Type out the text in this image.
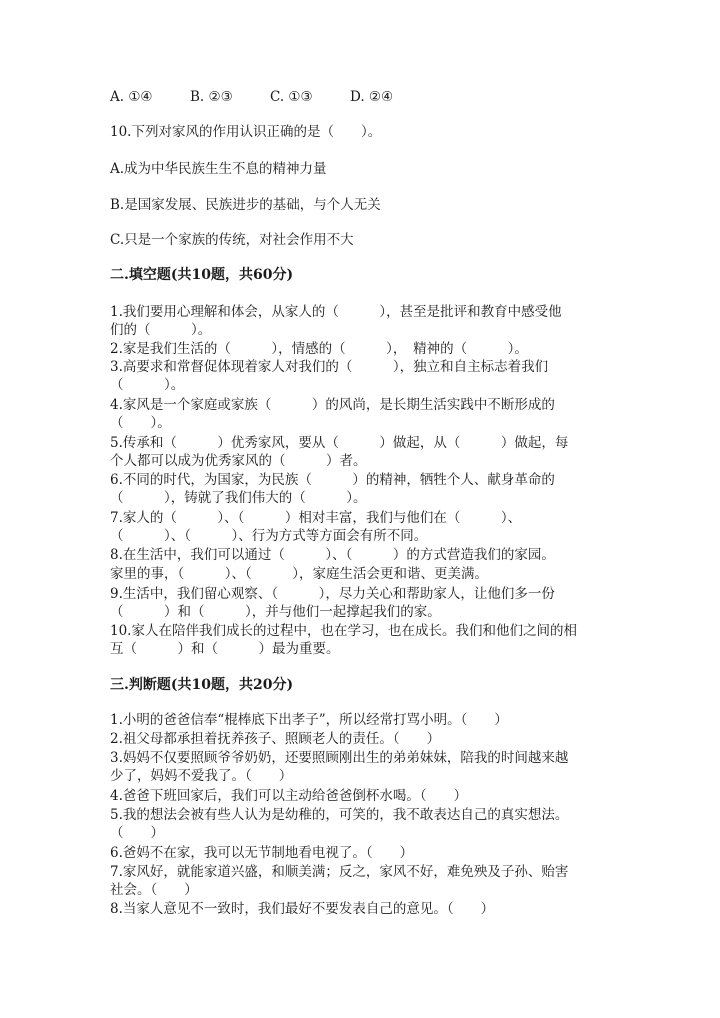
A. ①④	B. ②③	C. ①③	D. ②④
10.下列对家风的作用认识正确的是（　　）。
A.成为中华民族生生不息的精神力量
B.是国家发展、民族进步的基础，与个人无关
C.只是一个家族的传统，对社会作用不大
二.填空题(共10题，共60分)
1.我们要用心理解和体会，从家人的（　　　），甚至是批评和教育中感受他
们的（　　　）。
2.家是我们生活的（　　　），情感的（　　　），　精神的（　　　）。
3.高要求和常督促体现着家人对我们的（　　　），独立和自主标志着我们
（　　　）。
4.家风是一个家庭或家族（　　　）的风尚，是长期生活实践中不断形成的
（　　）。
5.传承和（　　　）优秀家风，要从（　　　）做起，从（　　　）做起，每
个人都可以成为优秀家风的（　　　）者。
6.不同的时代，为国家，为民族（　　　）的精神，牺牲个人、献身革命的
（　　　），铸就了我们伟大的（　　　）。
7.家人的（　　　）、（　　　）相对丰富，我们与他们在（　　　）、
（　　　）、（　　　）、行为方式等方面会有所不同。
8.在生活中，我们可以通过（　　　）、（　　　）的方式营造我们的家园。
家里的事，（　　　）、（　　　），家庭生活会更和谐、更美满。
9.生活中，我们留心观察、（　　　），尽力关心和帮助家人，让他们多一份
（　　　）和（　　　），并与他们一起撑起我们的家。
10.家人在陪伴我们成长的过程中，也在学习，也在成长。我们和他们之间的相
互（　　　）和（　　　）最为重要。
三.判断题(共10题，共20分)
1.小明的爸爸信奉“棍棒底下出孝子”，所以经常打骂小明。（　　）
2.祖父母都承担着抚养孩子、照顾老人的责任。（　　）
3.妈妈不仅要照顾爷爷奶奶，还要照顾刚出生的弟弟妹妹，陪我的时间越来越
少了，妈妈不爱我了。（　　）
4.爸爸下班回家后，我们可以主动给爸爸倒杯水喝。（　　）
5.我的想法会被有些人认为是幼稚的，可笑的，我不敢表达自己的真实想法。
（　　）
6.爸妈不在家，我可以无节制地看电视了。（　　）
7.家风好，就能家道兴盛，和顺美满；反之，家风不好，难免殃及子孙、贻害
社会。（　　）
8.当家人意见不一致时，我们最好不要发表自己的意见。（　　）
